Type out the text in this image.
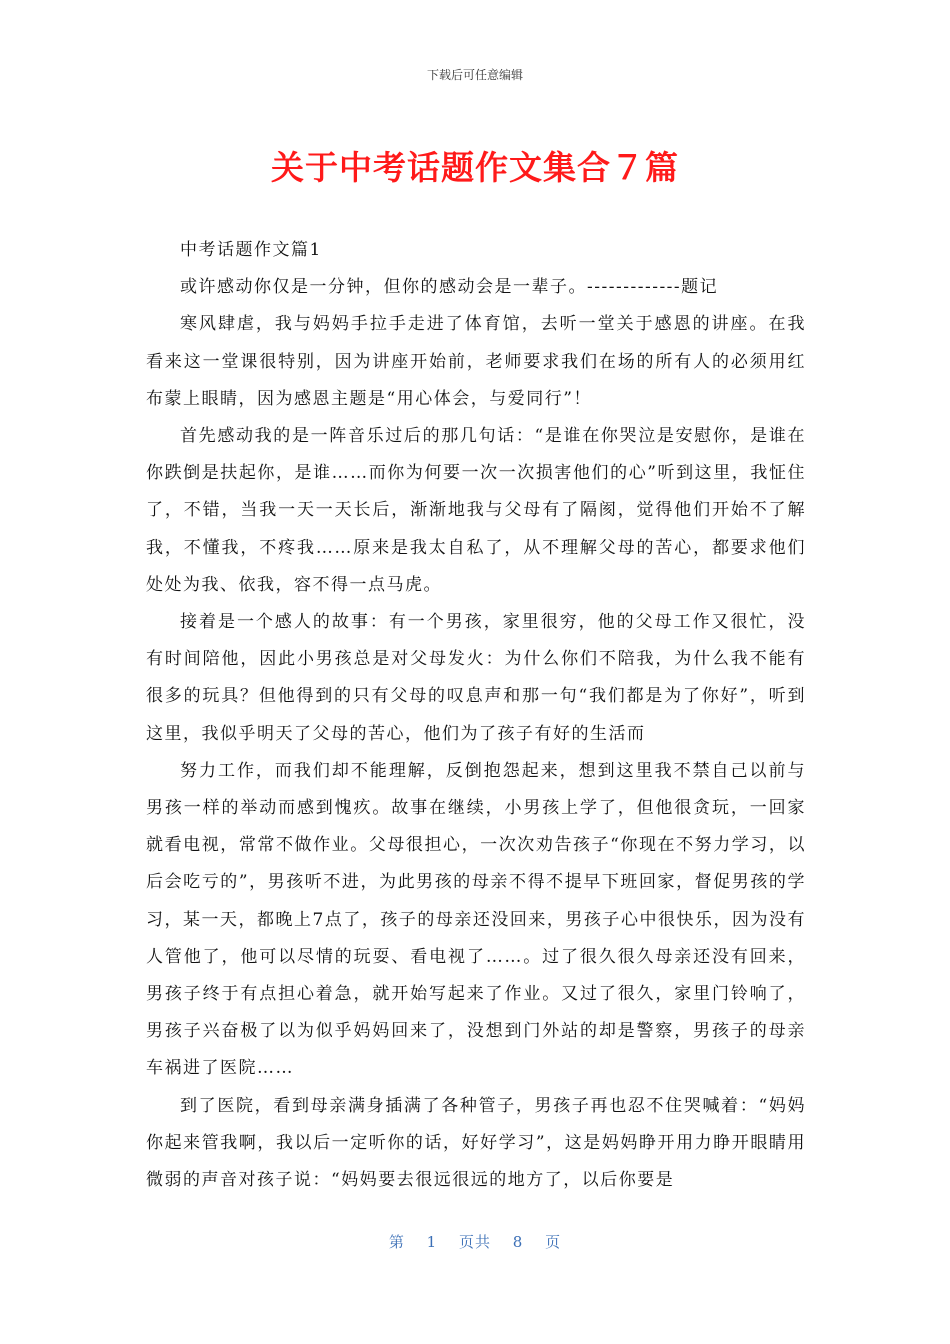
下载后可任意编辑
关于中考话题作文集合７篇

中考话题作文篇1

或许感动你仅是一分钟，但你的感动会是一辈子。-------------题记

寒风肆虐，我与妈妈手拉手走进了体育馆，去听一堂关于感恩的讲座。在我看来这一堂课很特别，因为讲座开始前，老师要求我们在场的所有人的必须用红布蒙上眼睛，因为感恩主题是“用心体会，与爱同行”！

首先感动我的是一阵音乐过后的那几句话：“是谁在你哭泣是安慰你，是谁在你跌倒是扶起你，是谁……而你为何要一次一次损害他们的心”听到这里，我怔住了，不错，当我一天一天长后，渐渐地我与父母有了隔阂，觉得他们开始不了解我，不懂我，不疼我……原来是我太自私了，从不理解父母的苦心，都要求他们处处为我、依我，容不得一点马虎。

接着是一个感人的故事：有一个男孩，家里很穷，他的父母工作又很忙，没有时间陪他，因此小男孩总是对父母发火：为什么你们不陪我，为什么我不能有很多的玩具？但他得到的只有父母的叹息声和那一句“我们都是为了你好”，听到这里，我似乎明天了父母的苦心，他们为了孩子有好的生活而

努力工作，而我们却不能理解，反倒抱怨起来，想到这里我不禁自己以前与男孩一样的举动而感到愧疚。故事在继续，小男孩上学了，但他很贪玩，一回家就看电视，常常不做作业。父母很担心，一次次劝告孩子“你现在不努力学习，以后会吃亏的”，男孩听不进，为此男孩的母亲不得不提早下班回家，督促男孩的学习，某一天，都晚上7点了，孩子的母亲还没回来，男孩子心中很快乐，因为没有人管他了，他可以尽情的玩耍、看电视了……。过了很久很久母亲还没有回来，男孩子终于有点担心着急，就开始写起来了作业。又过了很久，家里门铃响了，男孩子兴奋极了以为似乎妈妈回来了，没想到门外站的却是警察，男孩子的母亲车祸进了医院……

到了医院，看到母亲满身插满了各种管子，男孩子再也忍不住哭喊着：“妈妈你起来管我啊，我以后一定听你的话，好好学习”，这是妈妈睁开用力睁开眼睛用微弱的声音对孩子说：“妈妈要去很远很远的地方了，以后你要是

第 1 页共 8 页
